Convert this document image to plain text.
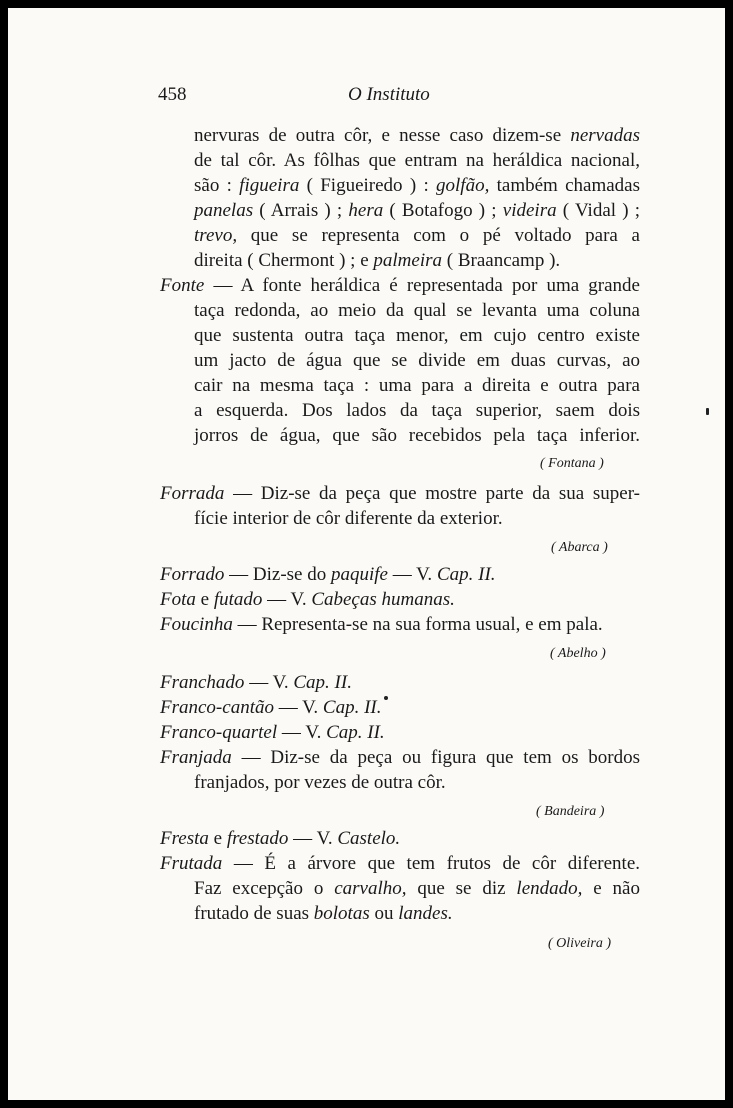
458	O Instituto
nervuras de outra côr, e nesse caso dizem-se nervadas
de tal côr. As fôlhas que entram na heráldica nacional,
são : figueira ( Figueiredo ) : golfão, também chamadas
panelas ( Arrais ) ; hera ( Botafogo ) ; videira ( Vidal ) ;
trevo, que se representa com o pé voltado para a
direita ( Chermont ) ; e palmeira ( Braancamp ).
Fonte — A fonte heráldica é representada por uma grande
taça redonda, ao meio da qual se levanta uma coluna
que sustenta outra taça menor, em cujo centro existe
um jacto de água que se divide em duas curvas, ao
cair na mesma taça : uma para a direita e outra para
a esquerda. Dos lados da taça superior, saem dois
jorros de água, que são recebidos pela taça inferior.
( Fontana )
Forrada — Diz-se da peça que mostre parte da sua super-
fície interior de côr diferente da exterior.
( Abarca )
Forrado — Diz-se do paquife — V. Cap. II.
Fota e futado — V. Cabeças humanas.
Foucinha — Representa-se na sua forma usual, e em pala.
( Abelho )
Franchado — V. Cap. II.
Franco-cantão — V. Cap. II.
Franco-quartel — V. Cap. II.
Franjada — Diz-se da peça ou figura que tem os bordos
franjados, por vezes de outra côr.
( Bandeira )
Fresta e frestado — V. Castelo.
Frutada — É a árvore que tem frutos de côr diferente.
Faz excepção o carvalho, que se diz lendado, e não
frutado de suas bolotas ou landes.
( Oliveira )
